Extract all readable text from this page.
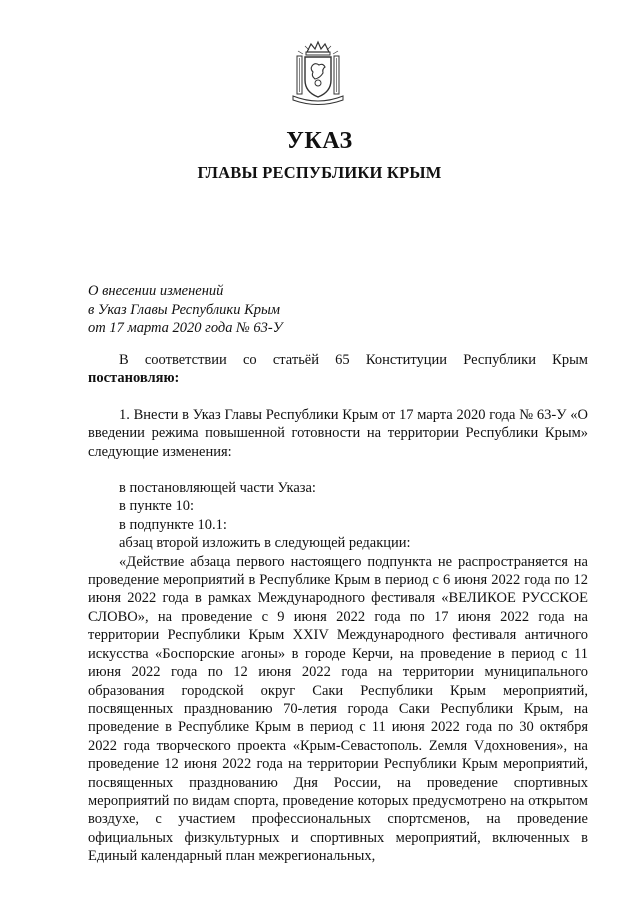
УКАЗ
ГЛАВЫ РЕСПУБЛИКИ КРЫМ
О внесении изменений
в Указ Главы Республики Крым
от 17 марта 2020 года № 63-У

В соответствии со статьёй 65 Конституции Республики Крым постановляю:

1. Внести в Указ Главы Республики Крым от 17 марта 2020 года № 63-У «О введении режима повышенной готовности на территории Республики Крым» следующие изменения:

в постановляющей части Указа:

в пункте 10:

в подпункте 10.1:

абзац второй изложить в следующей редакции:

«Действие абзаца первого настоящего подпункта не распространяется на проведение мероприятий в Республике Крым в период с 6 июня 2022 года по 12 июня 2022 года в рамках Международного фестиваля «ВЕЛИКОЕ РУССКОЕ СЛОВО», на проведение с 9 июня 2022 года по 17 июня 2022 года на территории Республики Крым XXIV Международного фестиваля античного искусства «Боспорские агоны» в городе Керчи, на проведение в период с 11 июня 2022 года по 12 июня 2022 года на территории муниципального образования городской округ Саки Республики Крым мероприятий, посвященных празднованию 70-летия города Саки Республики Крым, на проведение в Республике Крым в период с 11 июня 2022 года по 30 октября 2022 года творческого проекта «Крым-Севастополь. Zемля Vдохновения», на проведение 12 июня 2022 года на территории Республики Крым мероприятий, посвященных празднованию Дня России, на проведение спортивных мероприятий по видам спорта, проведение которых предусмотрено на открытом воздухе, с участием профессиональных спортсменов, на проведение официальных физкультурных и спортивных мероприятий, включенных в Единый календарный план межрегиональных,
